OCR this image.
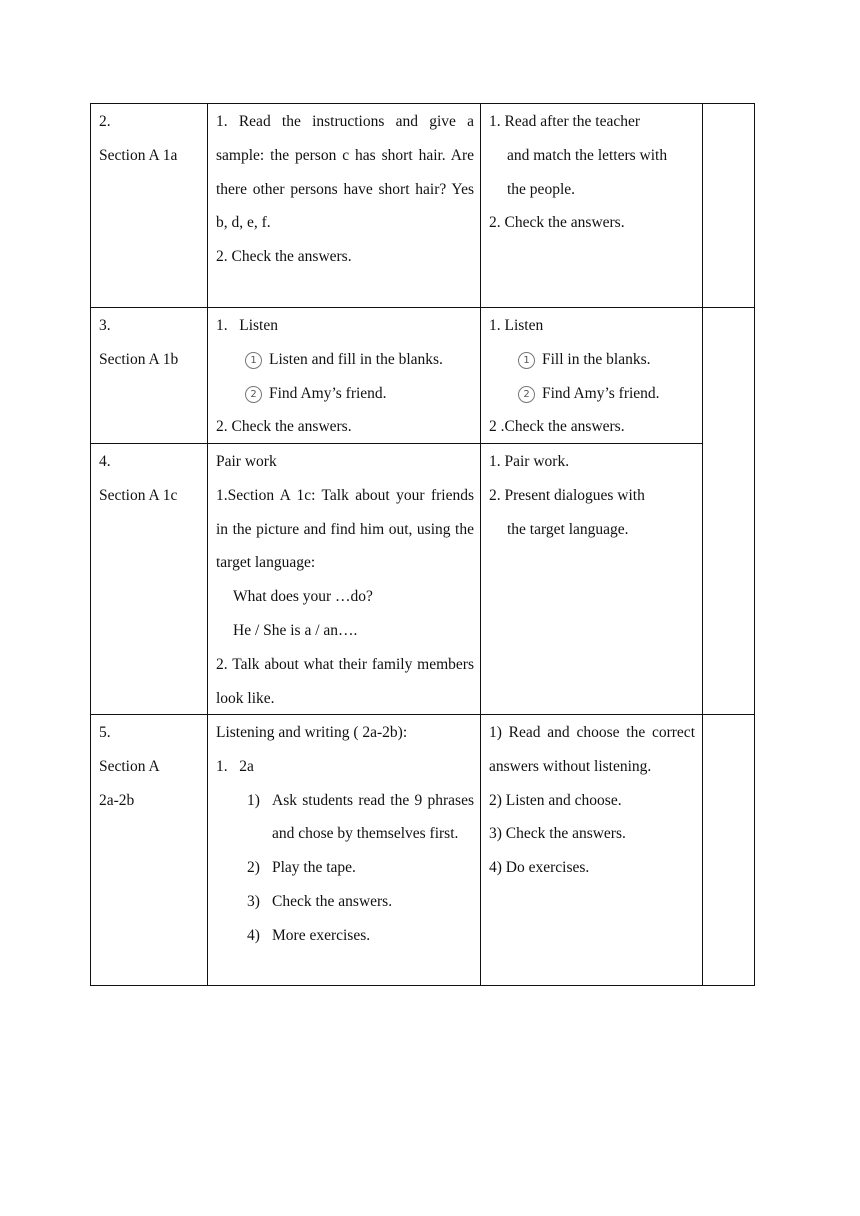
2.

Section A 1a

1. Read the instructions and give a sample: the person c has short hair. Are there other persons have short hair? Yes b, d, e, f.

2. Check the answers.

1. Read after the teacher

and match the letters with

the people.

2. Check the answers.

3.

Section A 1b

1.   Listen

1 Listen and fill in the blanks.

2 Find Amy’s friend.

2. Check the answers.

1. Listen

1 Fill in the blanks.

2 Find Amy’s friend.

2 .Check the answers.

4.

Section A 1c

Pair work

1.Section A 1c: Talk about your friends in the picture and find him out, using the target language:

What does your …do?

He / She is a / an….

2. Talk about what their family members look like.

1. Pair work.

2. Present dialogues with

the target language.

5.

Section A

2a-2b

Listening and writing ( 2a-2b):

1.   2a

1) Ask students read the 9 phrases and chose by themselves first.
2) Play the tape.
3) Check the answers.
4) More exercises.

1) Read and choose the correct answers without listening.

2) Listen and choose.

3) Check the answers.

4) Do exercises.
